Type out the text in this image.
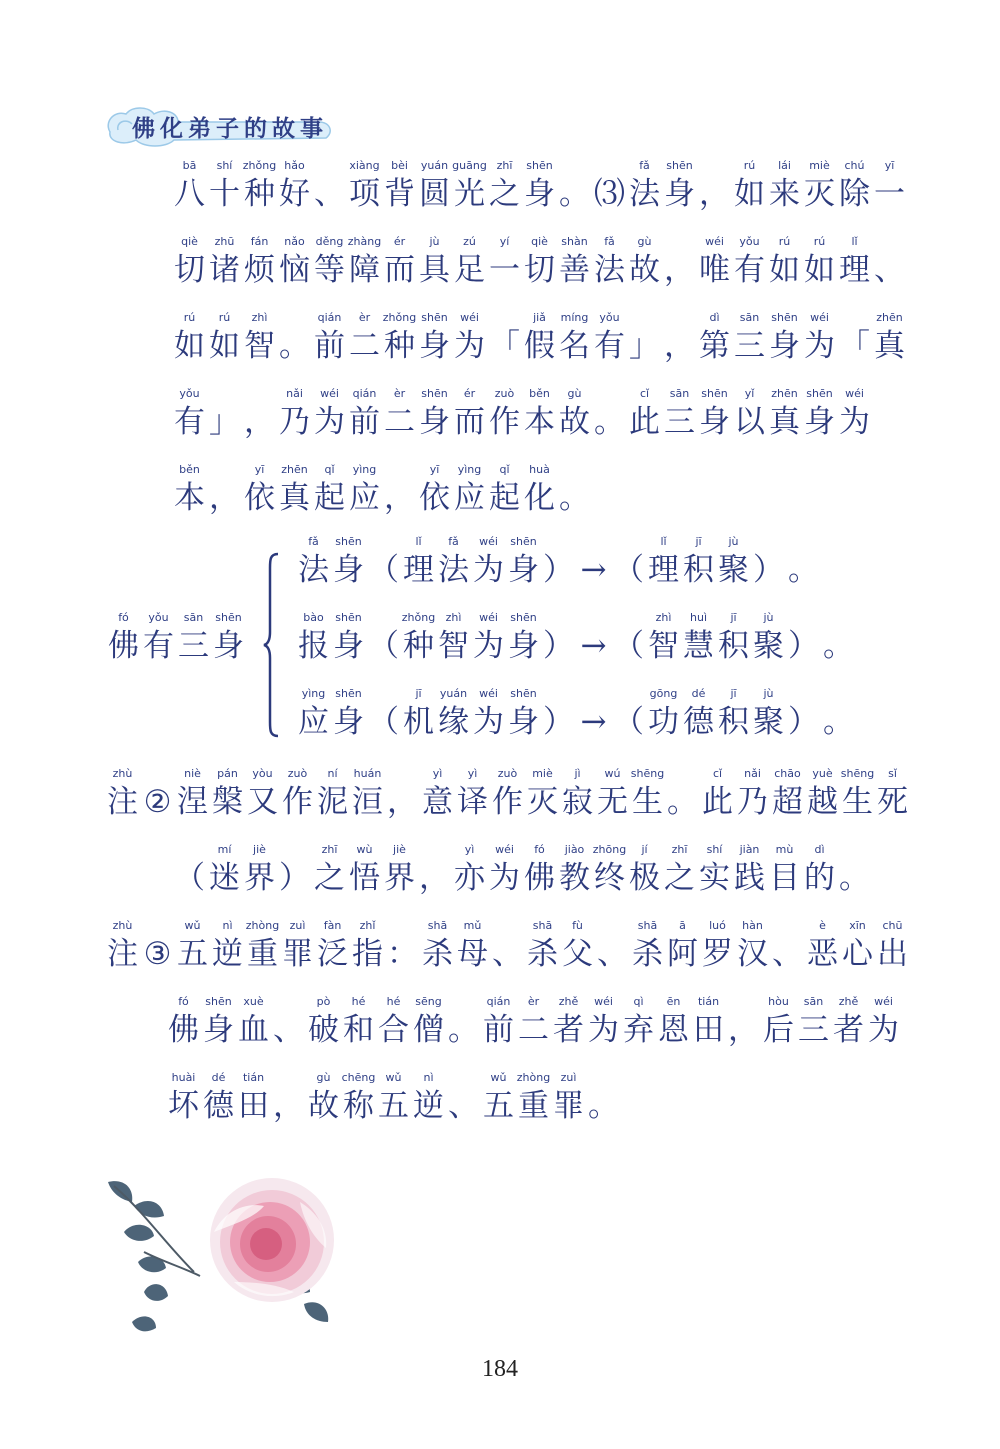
佛化弟子的故事
bā
八
shí
十
zhǒng
种
hǎo
好 、
xiàng
项
bèi
背
yuán
圆
guāng
光
zhī
之
shēn
身 。 ⑶
fǎ
法
shēn
身 ，
rú
如
lái
来
miè
灭
chú
除
yī
一
qiè
切
zhū
诸
fán
烦
nǎo
恼
děng
等
zhàng
障
ér
而
jù
具
zú
足
yí
一
qiè
切
shàn
善
fǎ
法
gù
故 ，
wéi
唯
yǒu
有
rú
如
rú
如
lǐ
理 、
rú
如
rú
如
zhì
智 。
qián
前
èr
二
zhǒng
种
shēn
身
wéi
为 「
jiǎ
假
míng
名
yǒu
有 」 ，
dì
第
sān
三
shēn
身
wéi
为 「
zhēn
真
yǒu
有 」 ，
nǎi
乃
wéi
为
qián
前
èr
二
shēn
身
ér
而
zuò
作
běn
本
gù
故 。
cǐ
此
sān
三
shēn
身
yǐ
以
zhēn
真
shēn
身
wéi
为
běn
本 ，
yī
依
zhēn
真
qǐ
起
yìng
应 ，
yī
依
yìng
应
qǐ
起
huà
化 。
zhù
注 ②
niè
涅
pán
槃
yòu
又
zuò
作
ní
泥
huán
洹 ，
yì
意
yì
译
zuò
作
miè
灭
jì
寂
wú
无
shēng
生 。
cǐ
此
nǎi
乃
chāo
超
yuè
越
shēng
生
sǐ
死
（
mí
迷
jiè
界 ）
zhī
之
wù
悟
jiè
界 ，
yì
亦
wéi
为
fó
佛
jiào
教
zhōng
终
jí
极
zhī
之
shí
实
jiàn
践
mù
目
dì
的 。
zhù
注 ③
wǔ
五
nì
逆
zhòng
重
zuì
罪
fàn
泛
zhǐ
指 ：
shā
杀
mǔ
母 、
shā
杀
fù
父 、
shā
杀
ā
阿
luó
罗
hàn
汉 、
è
恶
xīn
心
chū
出
fó
佛
shēn
身
xuè
血 、
pò
破
hé
和
hé
合
sēng
僧 。
qián
前
èr
二
zhě
者
wéi
为
qì
弃
ēn
恩
tián
田 ，
hòu
后
sān
三
zhě
者
wéi
为
huài
坏
dé
德
tián
田 ，
gù
故
chēng
称
wǔ
五
nì
逆 、
wǔ
五
zhòng
重
zuì
罪 。
fó
佛
yǒu
有
sān
三
shēn
身
fǎ
法
shēn
身 （
lǐ
理
fǎ
法
wéi
为
shēn
身 ） → （
lǐ
理
jī
积
jù
聚 ） 。
bào
报
shēn
身 （
zhǒng
种
zhì
智
wéi
为
shēn
身 ） → （
zhì
智
huì
慧
jī
积
jù
聚 ） 。
yìng
应
shēn
身 （
jī
机
yuán
缘
wéi
为
shēn
身 ） → （
gōng
功
dé
德
jī
积
jù
聚 ） 。
184
